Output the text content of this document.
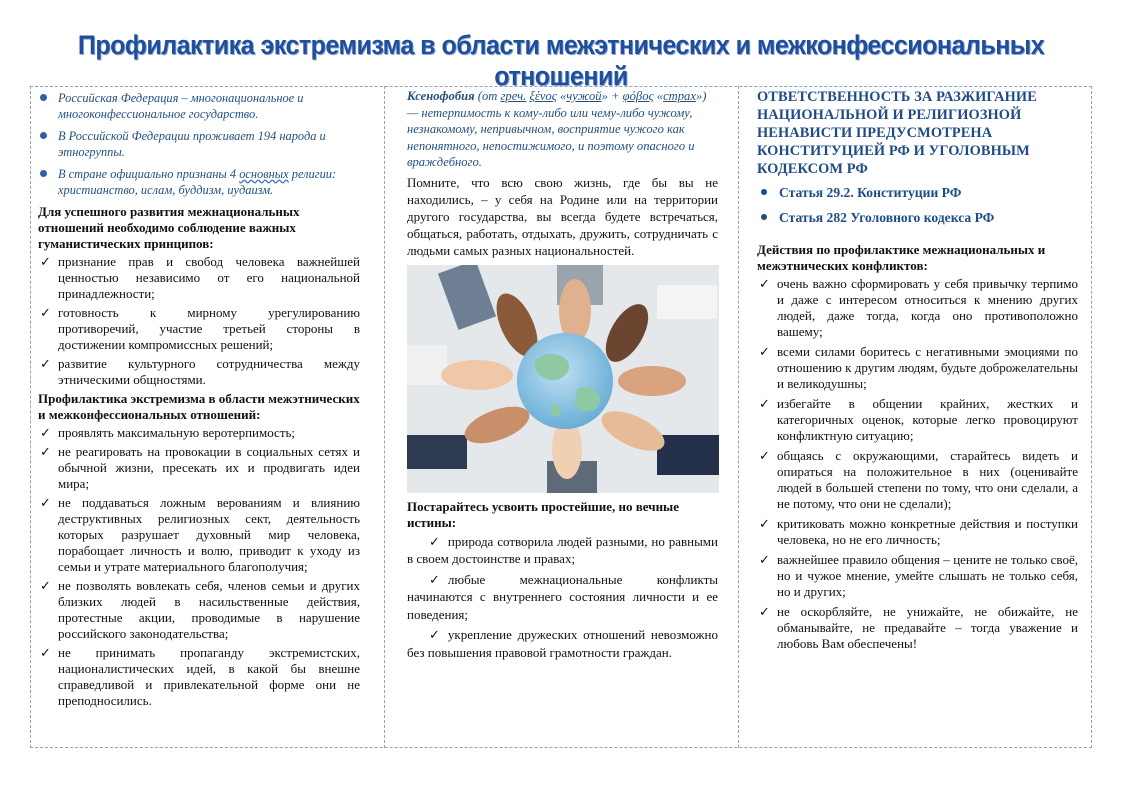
Профилактика экстремизма в области межэтнических и межконфессиональных отношений
Российская Федерация – многонациональное и многоконфессиональное государство.
В Российской Федерации проживает 194 народа и этногруппы.
В стране официально признаны 4 основных религии: христианство, ислам, буддизм, иудаизм.
Для успешного развития межнациональных отношений необходимо соблюдение важных гуманистических принципов:
✓ признание прав и свобод человека важнейшей ценностью независимо от его национальной принадлежности;
✓ готовность к мирному урегулированию противоречий, участие третьей стороны в достижении компромиссных решений;
✓ развитие культурного сотрудничества между этническими общностями.
Профилактика экстремизма в области межэтнических и межконфессиональных отношений:
✓ проявлять максимальную веротерпимость;
✓ не реагировать на провокации в социальных сетях и обычной жизни, пресекать их и продвигать идеи мира;
✓ не поддаваться ложным верованиям и влиянию деструктивных религиозных сект, деятельность которых разрушает духовный мир человека, порабощает личность и волю, приводит к уходу из семьи и утрате материального благополучия;
✓ не позволять вовлекать себя, членов семьи и других близких людей в насильственные действия, протестные акции, проводимые в нарушение российского законодательства;
✓ не принимать пропаганду экстремистских, националистических идей, в какой бы внешне справедливой и привлекательной форме они не преподносились.
Ксенофобия (от греч. ξένος «чужой» + φόβος «страх») — нетерпимость к кому-либо или чему-либо чужому, незнакомому, непривычном, восприятие чужого как непонятного, непостижимого, и поэтому опасного и враждебного.
Помните, что всю свою жизнь, где бы вы не находились, – у себя на Родине или на территории другого государства, вы всегда будете встречаться, общаться, работать, отдыхать, дружить, сотрудничать с людьми самых разных национальностей.
Постарайтесь усвоить простейшие, но вечные истины:
✓ природа сотворила людей разными, но равными в своем достоинстве и правах;
✓ любые межнациональные конфликты начинаются с внутреннего состояния личности и ее поведения;
✓ укрепление дружеских отношений невозможно без повышения правовой грамотности граждан.
ОТВЕТСТВЕННОСТЬ ЗА РАЗЖИГАНИЕ НАЦИОНАЛЬНОЙ И РЕЛИГИОЗНОЙ НЕНАВИСТИ ПРЕДУСМОТРЕНА КОНСТИТУЦИЕЙ РФ И УГОЛОВНЫМ КОДЕКСОМ РФ
Статья 29.2. Конституции РФ
Статья 282 Уголовного кодекса РФ
Действия по профилактике межнациональных и межэтнических конфликтов:
✓ очень важно сформировать у себя привычку терпимо и даже с интересом относиться к мнению других людей, даже тогда, когда оно противоположно вашему;
✓ всеми силами боритесь с негативными эмоциями по отношению к другим людям, будьте доброжелательны и великодушны;
✓ избегайте в общении крайних, жестких и категоричных оценок, которые легко провоцируют конфликтную ситуацию;
✓ общаясь с окружающими, старайтесь видеть и опираться на положительное в них (оценивайте людей в большей степени по тому, что они сделали, а не потому, что они не сделали);
✓ критиковать можно конкретные действия и поступки человека, но не его личность;
✓ важнейшее правило общения – цените не только своё, но и чужое мнение, умейте слышать не только себя, но и других;
✓ не оскорбляйте, не унижайте, не обижайте, не обманывайте, не предавайте – тогда уважение и любовь Вам обеспечены!
